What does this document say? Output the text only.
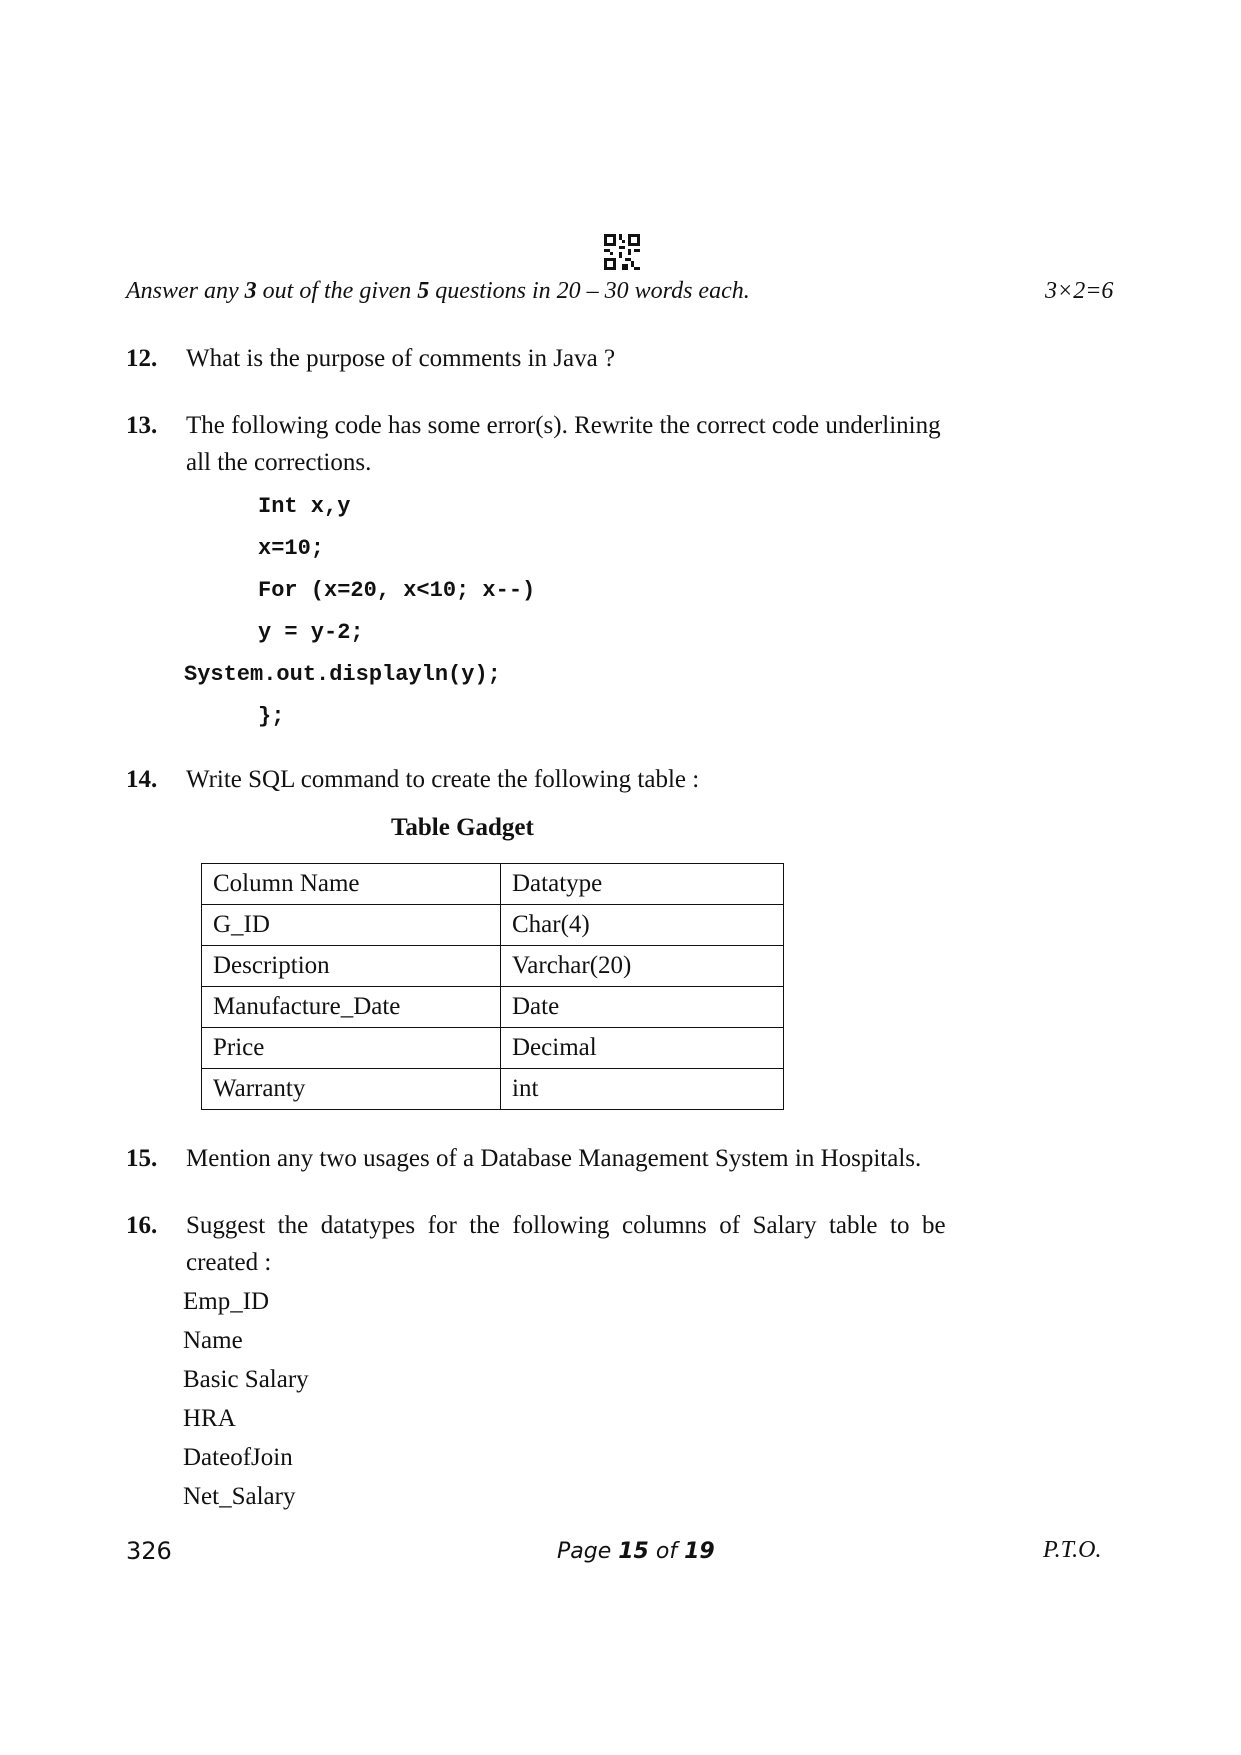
Answer any 3 out of the given 5 questions in 20 – 30 words each.	3×2=6
12. What is the purpose of comments in Java ?
13. The following code has some error(s). Rewrite the correct code underlining
all the corrections.
Int x,y
x=10;
For (x=20, x<10; x--)
y = y-2;
System.out.displayln(y);
};
14. Write SQL command to create the following table :
Table Gadget
Column Name	Datatype
G_ID	Char(4)
Description	Varchar(20)
Manufacture_Date	Date
Price	Decimal
Warranty	int
15. Mention any two usages of a Database Management System in Hospitals.
16. Suggest  the  datatypes  for  the  following  columns  of  Salary  table  to  be
created :
Emp_ID
Name
Basic Salary
HRA
DateofJoin
Net_Salary
326	Page 15 of 19	P.T.O.
